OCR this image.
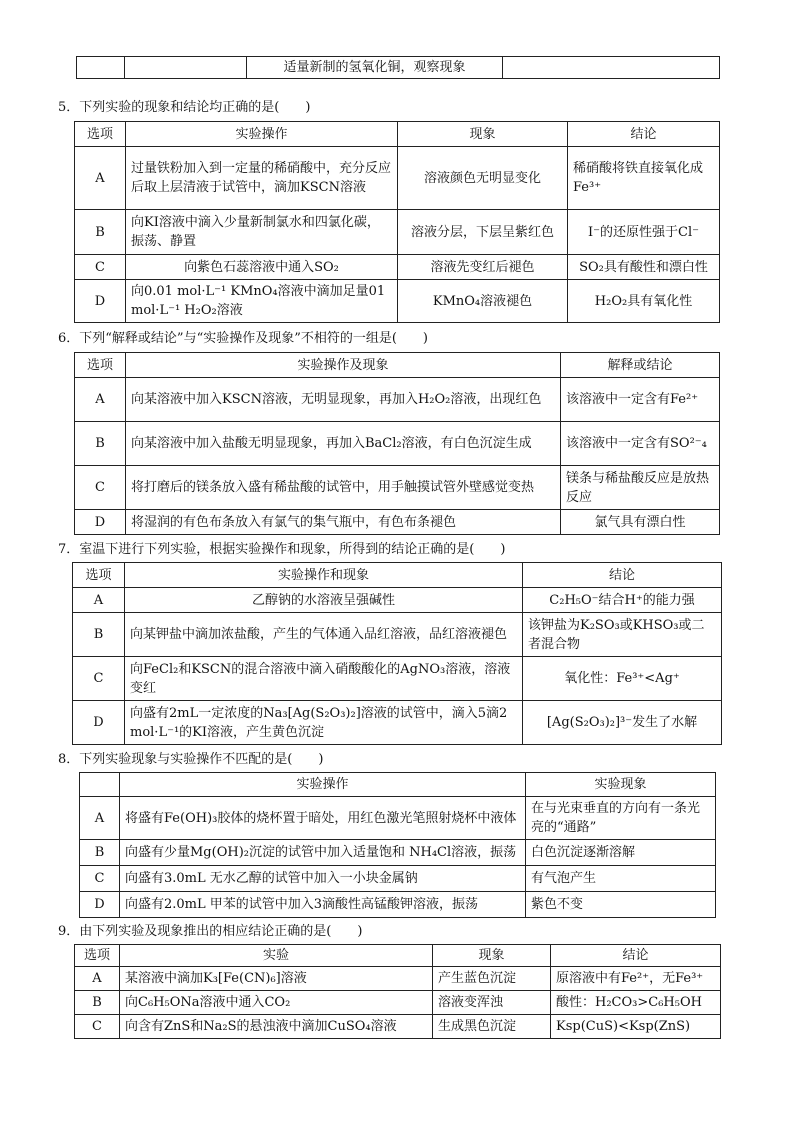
		适量新制的氢氧化铜，观察现象	
5．下列实验的现象和结论均正确的是(　　)
选项	实验操作	现象	结论
A	过量铁粉加入到一定量的稀硝酸中，充分反应后取上层清液于试管中，滴加KSCN溶液	溶液颜色无明显变化	稀硝酸将铁直接氧化成Fe³⁺
B	向KI溶液中滴入少量新制氯水和四氯化碳，振荡、静置	溶液分层，下层呈紫红色	I⁻的还原性强于Cl⁻
C	向紫色石蕊溶液中通入SO₂	溶液先变红后褪色	SO₂具有酸性和漂白性
D	向0.01 mol·L⁻¹ KMnO₄溶液中滴加足量01 mol·L⁻¹ H₂O₂溶液	KMnO₄溶液褪色	H₂O₂具有氧化性
6．下列“解释或结论”与“实验操作及现象”不相符的一组是(　　)
选项	实验操作及现象	解释或结论
A	向某溶液中加入KSCN溶液，无明显现象，再加入H₂O₂溶液，出现红色	该溶液中一定含有Fe²⁺
B	向某溶液中加入盐酸无明显现象，再加入BaCl₂溶液，有白色沉淀生成	该溶液中一定含有SO²⁻₄
C	将打磨后的镁条放入盛有稀盐酸的试管中，用手触摸试管外壁感觉变热	镁条与稀盐酸反应是放热反应
D	将湿润的有色布条放入有氯气的集气瓶中，有色布条褪色	氯气具有漂白性
7．室温下进行下列实验，根据实验操作和现象，所得到的结论正确的是(　　)
选项	实验操作和现象	结论
A	乙醇钠的水溶液呈强碱性	C₂H₅O⁻结合H⁺的能力强
B	向某钾盐中滴加浓盐酸，产生的气体通入品红溶液，品红溶液褪色	该钾盐为K₂SO₃或KHSO₃或二者混合物
C	向FeCl₂和KSCN的混合溶液中滴入硝酸酸化的AgNO₃溶液，溶液变红	氧化性：Fe³⁺<Ag⁺
D	向盛有2mL一定浓度的Na₃[Ag(S₂O₃)₂]溶液的试管中，滴入5滴2 mol·L⁻¹的KI溶液，产生黄色沉淀	[Ag(S₂O₃)₂]³⁻发生了水解
8．下列实验现象与实验操作不匹配的是(　　)
	实验操作	实验现象
A	将盛有Fe(OH)₃胶体的烧杯置于暗处，用红色激光笔照射烧杯中液体	在与光束垂直的方向有一条光亮的“通路”
B	向盛有少量Mg(OH)₂沉淀的试管中加入适量饱和 NH₄Cl溶液，振荡	白色沉淀逐渐溶解
C	向盛有3.0mL 无水乙醇的试管中加入一小块金属钠	有气泡产生
D	向盛有2.0mL 甲苯的试管中加入3滴酸性高锰酸钾溶液，振荡	紫色不变
9．由下列实验及现象推出的相应结论正确的是(　　)
选项	实验	现象	结论
A	某溶液中滴加K₃[Fe(CN)₆]溶液	产生蓝色沉淀	原溶液中有Fe²⁺，无Fe³⁺
B	向C₆H₅ONa溶液中通入CO₂	溶液变浑浊	酸性：H₂CO₃>C₆H₅OH
C	向含有ZnS和Na₂S的悬浊液中滴加CuSO₄溶液	生成黑色沉淀	Ksp(CuS)<Ksp(ZnS)
